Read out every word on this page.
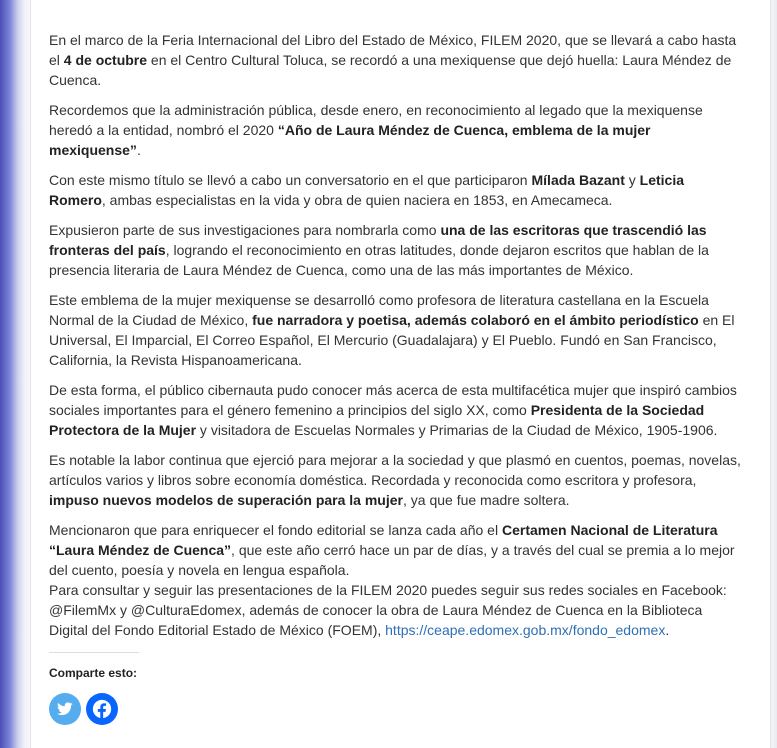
En el marco de la Feria Internacional del Libro del Estado de México, FILEM 2020, que se llevará a cabo hasta el 4 de octubre en el Centro Cultural Toluca, se recordó a una mexiquense que dejó huella: Laura Méndez de Cuenca.

Recordemos que la administración pública, desde enero, en reconocimiento al legado que la mexiquense heredó a la entidad, nombró el 2020 “Año de Laura Méndez de Cuenca, emblema de la mujer mexiquense”.

Con este mismo título se llevó a cabo un conversatorio en el que participaron Mílada Bazant y Leticia Romero, ambas especialistas en la vida y obra de quien naciera en 1853, en Amecameca.

Expusieron parte de sus investigaciones para nombrarla como una de las escritoras que trascendió las fronteras del país, logrando el reconocimiento en otras latitudes, donde dejaron escritos que hablan de la presencia literaria de Laura Méndez de Cuenca, como una de las más importantes de México.

Este emblema de la mujer mexiquense se desarrolló como profesora de literatura castellana en la Escuela Normal de la Ciudad de México, fue narradora y poetisa, además colaboró en el ámbito periodístico en El Universal, El Imparcial, El Correo Español, El Mercurio (Guadalajara) y El Pueblo. Fundó en San Francisco, California, la Revista Hispanoamericana.

De esta forma, el público cibernauta pudo conocer más acerca de esta multifacética mujer que inspiró cambios sociales importantes para el género femenino a principios del siglo XX, como Presidenta de la Sociedad Protectora de la Mujer y visitadora de Escuelas Normales y Primarias de la Ciudad de México, 1905-1906.

Es notable la labor continua que ejerció para mejorar a la sociedad y que plasmó en cuentos, poemas, novelas, artículos varios y libros sobre economía doméstica. Recordada y reconocida como escritora y profesora, impuso nuevos modelos de superación para la mujer, ya que fue madre soltera.

Mencionaron que para enriquecer el fondo editorial se lanza cada año el Certamen Nacional de Literatura “Laura Méndez de Cuenca”, que este año cerró hace un par de días, y a través del cual se premia a lo mejor del cuento, poesía y novela en lengua española.

Para consultar y seguir las presentaciones de la FILEM 2020 puedes seguir sus redes sociales en Facebook: @FilemMx y @CulturaEdomex, además de conocer la obra de Laura Méndez de Cuenca en la Biblioteca Digital del Fondo Editorial Estado de México (FOEM), https://ceape.edomex.gob.mx/fondo_edomex.

Comparte esto:
